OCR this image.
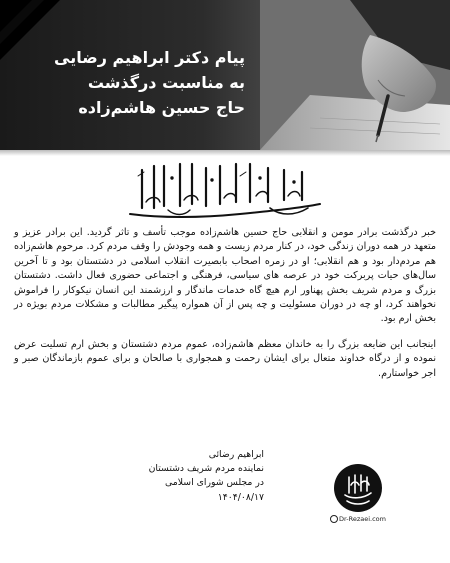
پیام دکتر ابراهیم رضایی
به مناسبت درگذشت
حاج حسین هاشم‌زاده

خبر درگذشت برادر مومن و انقلابی حاج حسین هاشم‌زاده موجب تأسف و تاثر گردید. این برادر عزیز و متعهد در همه دوران زندگی خود، در کنار مردم زیست و همه وجودش را وقف مردم کرد. مرحوم هاشم‌زاده هم مردم‌دار بود و هم انقلابی؛ او در زمره اصحاب بابصیرت انقلاب اسلامی در دشتستان بود و تا آخرین سال‌های حیات پربرکت خود در عرصه های سیاسی، فرهنگی و اجتماعی حضوری فعال داشت. دشتستان بزرگ و مردم شریف بخش پهناور ارم هیچ گاه خدمات ماندگار و ارزشمند این انسان نیکوکار را فراموش نخواهند کرد، او چه در دوران مسئولیت و چه پس از آن همواره پیگیر مطالبات و مشکلات مردم بویژه در بخش ارم بود.

اینجانب این ضایعه بزرگ را به خاندان معظم هاشم‌زاده، عموم مردم دشتستان و بخش ارم تسلیت عرض نموده و از درگاه خداوند متعال برای ایشان رحمت و همجواری با صالحان و برای عموم بازماندگان صبر و اجر خواستارم.

ابراهیم رضائی
نماینده مردم شریف دشتستان
در مجلس شورای اسلامی
۱۴۰۴/۰۸/۱۷
Dr-Rezaei.com
